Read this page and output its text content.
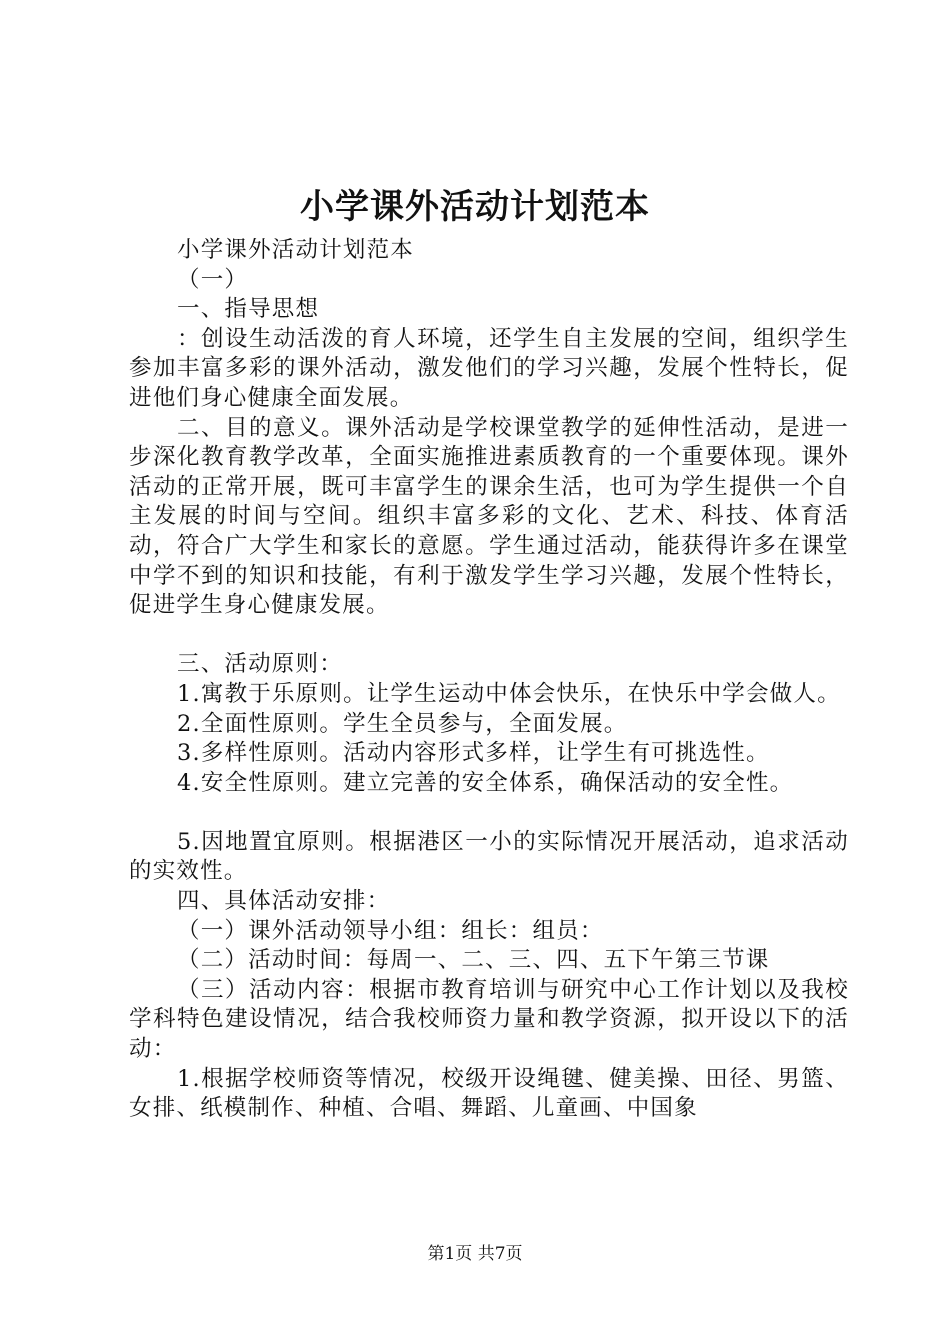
小学课外活动计划范本

小学课外活动计划范本

（一）

一、指导思想

：创设生动活泼的育人环境，还学生自主发展的空间，组织学生参加丰富多彩的课外活动，激发他们的学习兴趣，发展个性特长，促进他们身心健康全面发展。

二、目的意义。课外活动是学校课堂教学的延伸性活动，是进一步深化教育教学改革，全面实施推进素质教育的一个重要体现。课外活动的正常开展，既可丰富学生的课余生活，也可为学生提供一个自主发展的时间与空间。组织丰富多彩的文化、艺术、科技、体育活动，符合广大学生和家长的意愿。学生通过活动，能获得许多在课堂中学不到的知识和技能，有利于激发学生学习兴趣，发展个性特长，促进学生身心健康发展。

三、活动原则：

1.寓教于乐原则。让学生运动中体会快乐，在快乐中学会做人。

2.全面性原则。学生全员参与，全面发展。

3.多样性原则。活动内容形式多样，让学生有可挑选性。

4.安全性原则。建立完善的安全体系，确保活动的安全性。

5.因地置宜原则。根据港区一小的实际情况开展活动，追求活动的实效性。

四、具体活动安排：

（一）课外活动领导小组：组长：组员：

（二）活动时间：每周一、二、三、四、五下午第三节课

（三）活动内容：根据市教育培训与研究中心工作计划以及我校学科特色建设情况，结合我校师资力量和教学资源，拟开设以下的活动：

1.根据学校师资等情况，校级开设绳毽、健美操、田径、男篮、女排、纸模制作、种植、合唱、舞蹈、儿童画、中国象

第1页 共7页
